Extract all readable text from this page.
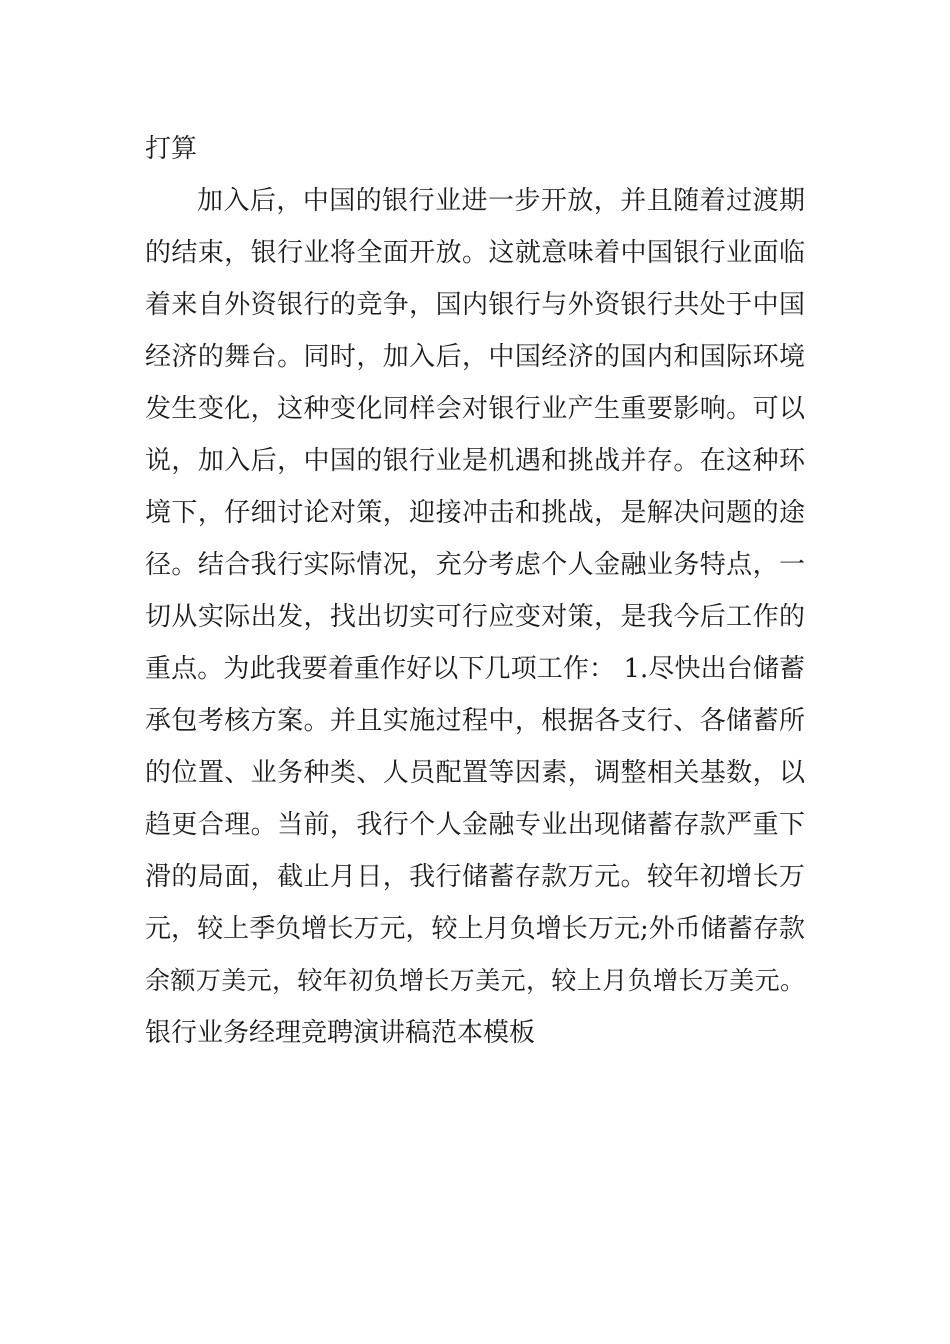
打算

加入后，中国的银行业进一步开放，并且随着过渡期

的结束，银行业将全面开放。这就意味着中国银行业面临

着来自外资银行的竞争，国内银行与外资银行共处于中国

经济的舞台。同时，加入后，中国经济的国内和国际环境

发生变化，这种变化同样会对银行业产生重要影响。可以

说，加入后，中国的银行业是机遇和挑战并存。在这种环

境下，仔细讨论对策，迎接冲击和挑战，是解决问题的途

径。结合我行实际情况，充分考虑个人金融业务特点，一

切从实际出发，找出切实可行应变对策，是我今后工作的

重点。为此我要着重作好以下几项工作： 1.尽快出台储蓄

承包考核方案。并且实施过程中，根据各支行、各储蓄所

的位置、业务种类、人员配置等因素，调整相关基数，以

趋更合理。当前，我行个人金融专业出现储蓄存款严重下

滑的局面，截止月日，我行储蓄存款万元。较年初增长万

元，较上季负增长万元，较上月负增长万元;外币储蓄存款

余额万美元，较年初负增长万美元，较上月负增长万美元。

银行业务经理竞聘演讲稿范本模板
